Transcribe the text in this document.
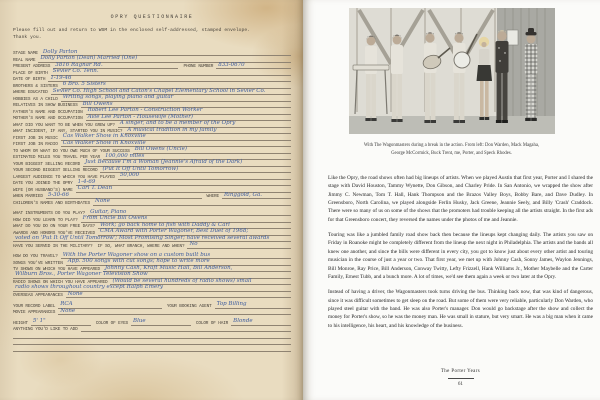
OPRY QUESTIONNAIRE
Please fill out and return to WSM in the enclosed self-addressed, stamped envelope.
Thank you.
STAGE NAME Dolly Parton
REAL NAME Dolly Parton (Dean) Married (One)
PRESENT ADDRESS 3816 Ragnar Rd.	PHONE NUMBER 833-0670
PLACE OF BIRTH Sevier Co. Tenn.
DATE OF BIRTH 1-19-46
BROTHERS & SISTERS 6 Bro. 5 Sisters
WHERE EDUCATED Sevier Co. High School and Caton's Chapel Elementary School in Sevier Co.
HOBBIES AS A CHILD Writing songs, playing piano and guitar
RELATIVES IN SHOW BUSINESS Bill Owens
FATHER'S NAME AND OCCUPATION Robert Lee Parton - Construction Worker
MOTHER'S NAME AND OCCUPATION Avie Lee Parton - Housewife (Mother)
WHAT DID YOU WANT TO BE WHEN YOU GREW UP? A singer, and to be a member of the Opry
WHAT INCIDENT, IF ANY, STARTED YOU IN MUSIC? A musical tradition in my family
FIRST JOB IN MUSIC Cas Walker Show in Knoxville
FIRST JOB IN RADIO Cas Walker Show in Knoxville
TO WHOM OR WHAT DO YOU OWE MUCH OF YOUR SUCCESS Bill Owens (Uncle)
ESTIMATED MILES YOU TRAVEL PER YEAR 100,000 miles
YOUR BIGGEST SELLING RECORD Just Because I'm a Woman (Jeannie's Afraid of the Dark)
YOUR SECOND BIGGEST SELLING RECORD (Put It Off Until Tomorrow)
LARGEST AUDIENCE TO WHICH YOU HAVE PLAYED 50,000
DATE YOU JOINED THE OPRY 1-4-69
WIFE (OR HUSBAND'S) NAME Carl T. Dean
WHEN MARRIED 5-30-66	WHERE Ringgold, Ga.
CHILDREN'S NAMES AND BIRTHDATES None
WHAT INSTRUMENTS DO YOU PLAY? Guitar, Piano
HOW DID YOU LEARN TO PLAY? From Uncle Bill Owens
WHAT DO YOU DO ON YOUR FREE DAYS? Work; go back home to fish with Daddy & Carl
AWARDS AND HONORS YOU'VE RECEIVED CMA Award with Porter Wagoner, Best Duet of 1968;
voted on 'Put It Off Until Tomorrow'; Most Promising Singer; have received several awards
HAVE YOU SERVED IN THE MILITARY?  IF SO, WHAT BRANCH, WHERE AND WHEN? No
HOW DO YOU TRAVEL? With the Porter Wagoner show on a custom built bus
SONGS YOU'VE WRITTEN App. 500 songs with cut songs; hope to write more
TV SHOWS ON WHICH YOU HAVE APPEARED Johnny Cash, Kraft Music Hall, Bill Anderson,
Wilburn Bros., Porter Wagoner Television Show
RADIO SHOWS ON WHICH YOU HAVE APPEARED (Would be several hundreds of radio shows) small
radio shows throughout country except Ralph Emery
OVERSEAS APPEARANCES None
YOUR RECORD LABEL RCA	YOUR BOOKING AGENT Top Billing
MOVIE APPEARANCES None
HEIGHT 5' 1"	COLOR OF EYES Blue	COLOR OF HAIR Blonde
ANYTHING YOU'D LIKE TO ADD

With The Wagonmasters during a break in the action. From left: Don Warden, Mack Magaha, George McCormick, Buck Trent, me, Porter, and Speck Rhodes.

Like the Opry, the road shows often had big lineups of artists. When we played Austin that first year, Porter and I shared the stage with David Houston, Tammy Wynette, Don Gibson, and Charley Pride. In San Antonio, we wrapped the show after Jimmy C. Newman, Tom T. Hall, Hank Thompson and the Brazos Valley Boys, Bobby Bare, and Dave Dudley. In Greensboro, North Carolina, we played alongside Ferlin Husky, Jack Greene, Jeannie Seely, and Billy 'Crash' Craddock. There were so many of us on some of the shows that the promoters had trouble keeping all the artists straight. In the first ads for that Greensboro concert, they reversed the names under the photos of me and Jeannie.

Touring was like a jumbled family road show back then because the lineups kept changing daily. The artists you saw on Friday in Roanoke might be completely different from the lineup the next night in Philadelphia. The artists and the bands all knew one another, and since the bills were different in every city, you got to know just about every other artist and touring musician in the course of just a year or two. That first year, we met up with Johnny Cash, Sonny James, Waylon Jennings, Bill Monroe, Ray Price, Bill Anderson, Conway Twitty, Lefty Frizzell, Hank Williams Jr., Mother Maybelle and the Carter Family, Ernest Tubb, and a bunch more. A lot of times, we'd see them again a week or two later at the Opry.

Instead of having a driver, the Wagonmasters took turns driving the bus. Thinking back now, that was kind of dangerous, since it was difficult sometimes to get sleep on the road. But some of them were very reliable, particularly Don Warden, who played steel guitar with the band. He was also Porter's manager. Don would go backstage after the show and collect the money for Porter's show, so he was the money man. He was small in stature, but very smart. He was a big man when it came to his intelligence, his heart, and his knowledge of the business.

The Porter Years
61
